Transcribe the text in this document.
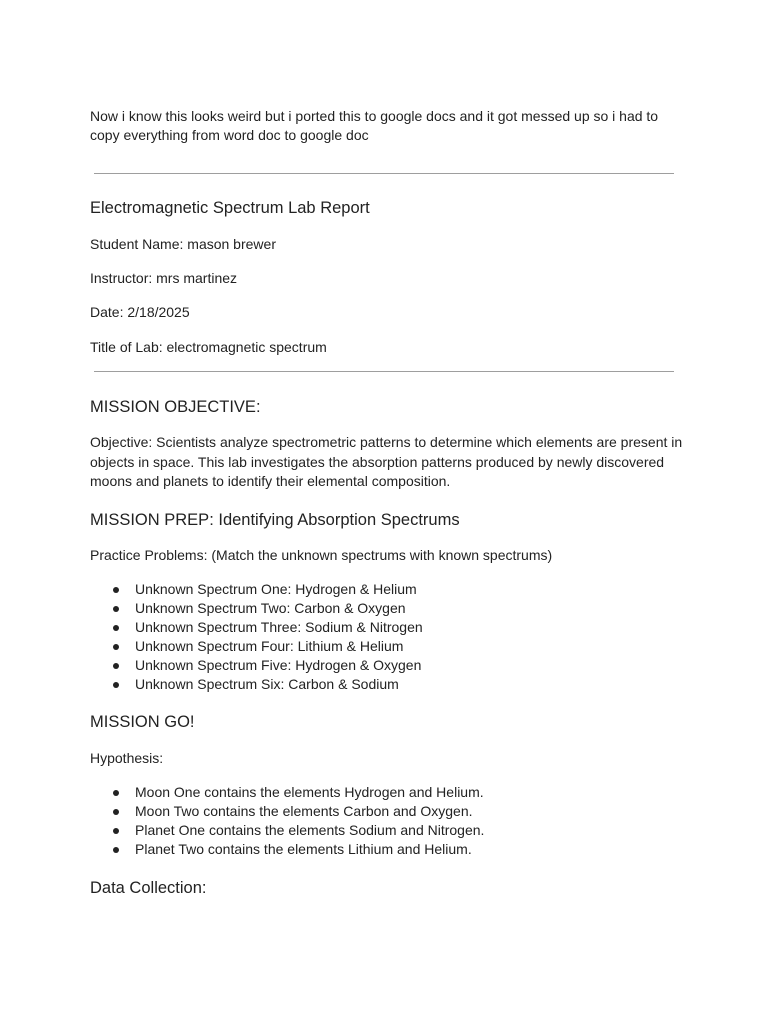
Now i know this looks weird but i ported this to google docs and it got messed up so i had to copy everything from word doc to google doc
Electromagnetic Spectrum Lab Report
Student Name: mason brewer
Instructor: mrs martinez
Date: 2/18/2025
Title of Lab: electromagnetic spectrum
MISSION OBJECTIVE:
Objective: Scientists analyze spectrometric patterns to determine which elements are present in objects in space. This lab investigates the absorption patterns produced by newly discovered moons and planets to identify their elemental composition.
MISSION PREP: Identifying Absorption Spectrums
Practice Problems: (Match the unknown spectrums with known spectrums)
Unknown Spectrum One: Hydrogen & Helium
Unknown Spectrum Two: Carbon & Oxygen
Unknown Spectrum Three: Sodium & Nitrogen
Unknown Spectrum Four: Lithium & Helium
Unknown Spectrum Five: Hydrogen & Oxygen
Unknown Spectrum Six: Carbon & Sodium
MISSION GO!
Hypothesis:
Moon One contains the elements Hydrogen and Helium.
Moon Two contains the elements Carbon and Oxygen.
Planet One contains the elements Sodium and Nitrogen.
Planet Two contains the elements Lithium and Helium.
Data Collection:
